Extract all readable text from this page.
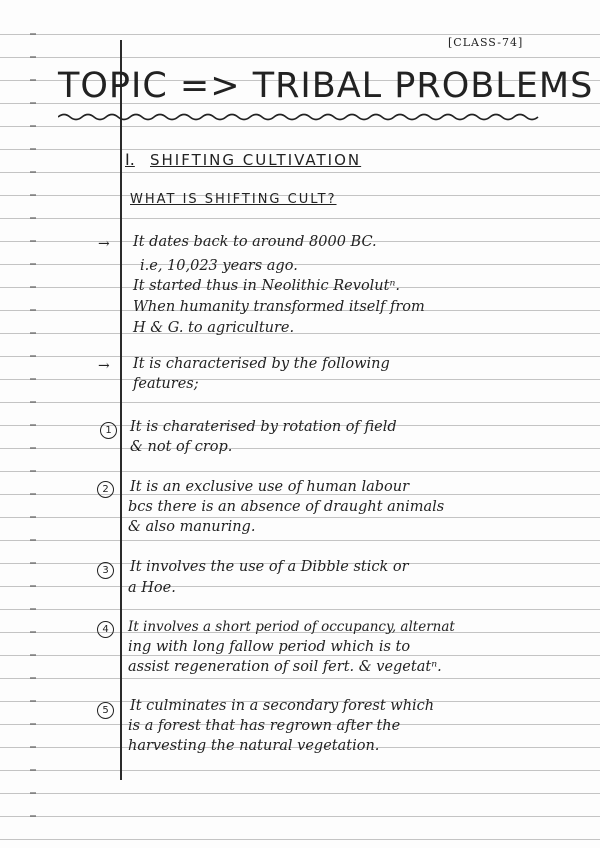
[CLASS-74]
TOPIC => TRIBAL PROBLEMS
I. SHIFTING CULTIVATION
WHAT IS SHIFTING CULT?
→ It dates back to around 8000 BC.
i.e, 10,023 years ago.
It started thus in Neolithic Revolutⁿ.
When humanity transformed itself from
H & G. to agriculture.
→ It is characterised by the following
features;
1	It is charaterised by rotation of field
& not of crop.
2	It is an exclusive use of human labour
bcs there is an absence of draught animals
& also manuring.
3	It involves the use of a Dibble stick or
a Hoe.
4	It involves a short period of occupancy, alternat
ing with long fallow period which is to
assist regeneration of soil fert. & vegetatⁿ.
5	It culminates in a secondary forest which
is a forest that has regrown after the
harvesting the natural vegetation.
